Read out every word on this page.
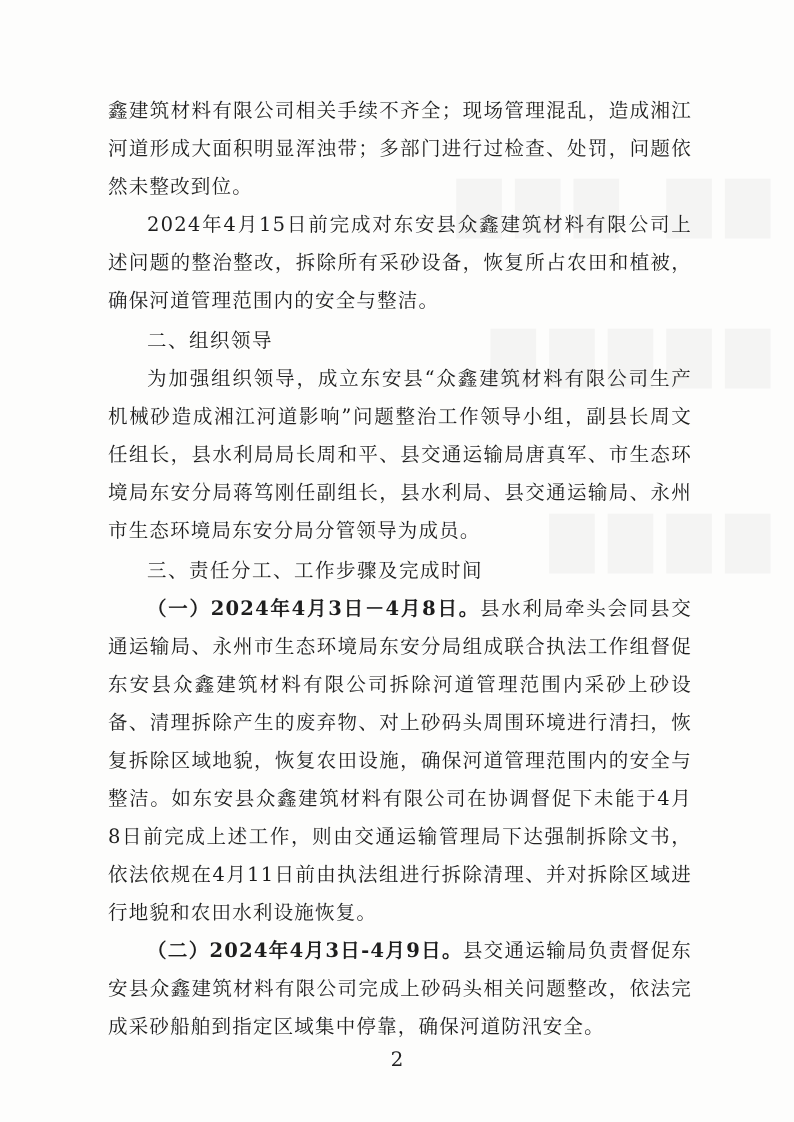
鑫建筑材料有限公司相关手续不齐全；现场管理混乱，造成湘江河道形成大面积明显浑浊带；多部门进行过检查、处罚，问题依然未整改到位。

2024年4月15日前完成对东安县众鑫建筑材料有限公司上述问题的整治整改，拆除所有采砂设备，恢复所占农田和植被，确保河道管理范围内的安全与整洁。

二、组织领导

为加强组织领导，成立东安县“众鑫建筑材料有限公司生产机械砂造成湘江河道影响”问题整治工作领导小组，副县长周文任组长，县水利局局长周和平、县交通运输局唐真军、市生态环境局东安分局蒋笃刚任副组长，县水利局、县交通运输局、永州市生态环境局东安分局分管领导为成员。

三、责任分工、工作步骤及完成时间

（一）2024年4月3日－4月8日。县水利局牵头会同县交通运输局、永州市生态环境局东安分局组成联合执法工作组督促东安县众鑫建筑材料有限公司拆除河道管理范围内采砂上砂设备、清理拆除产生的废弃物、对上砂码头周围环境进行清扫，恢复拆除区域地貌，恢复农田设施，确保河道管理范围内的安全与整洁。如东安县众鑫建筑材料有限公司在协调督促下未能于4月8日前完成上述工作，则由交通运输管理局下达强制拆除文书，依法依规在4月11日前由执法组进行拆除清理、并对拆除区域进行地貌和农田水利设施恢复。

（二）2024年4月3日-4月9日。县交通运输局负责督促东安县众鑫建筑材料有限公司完成上砂码头相关问题整改，依法完成采砂船舶到指定区域集中停靠，确保河道防汛安全。

2
